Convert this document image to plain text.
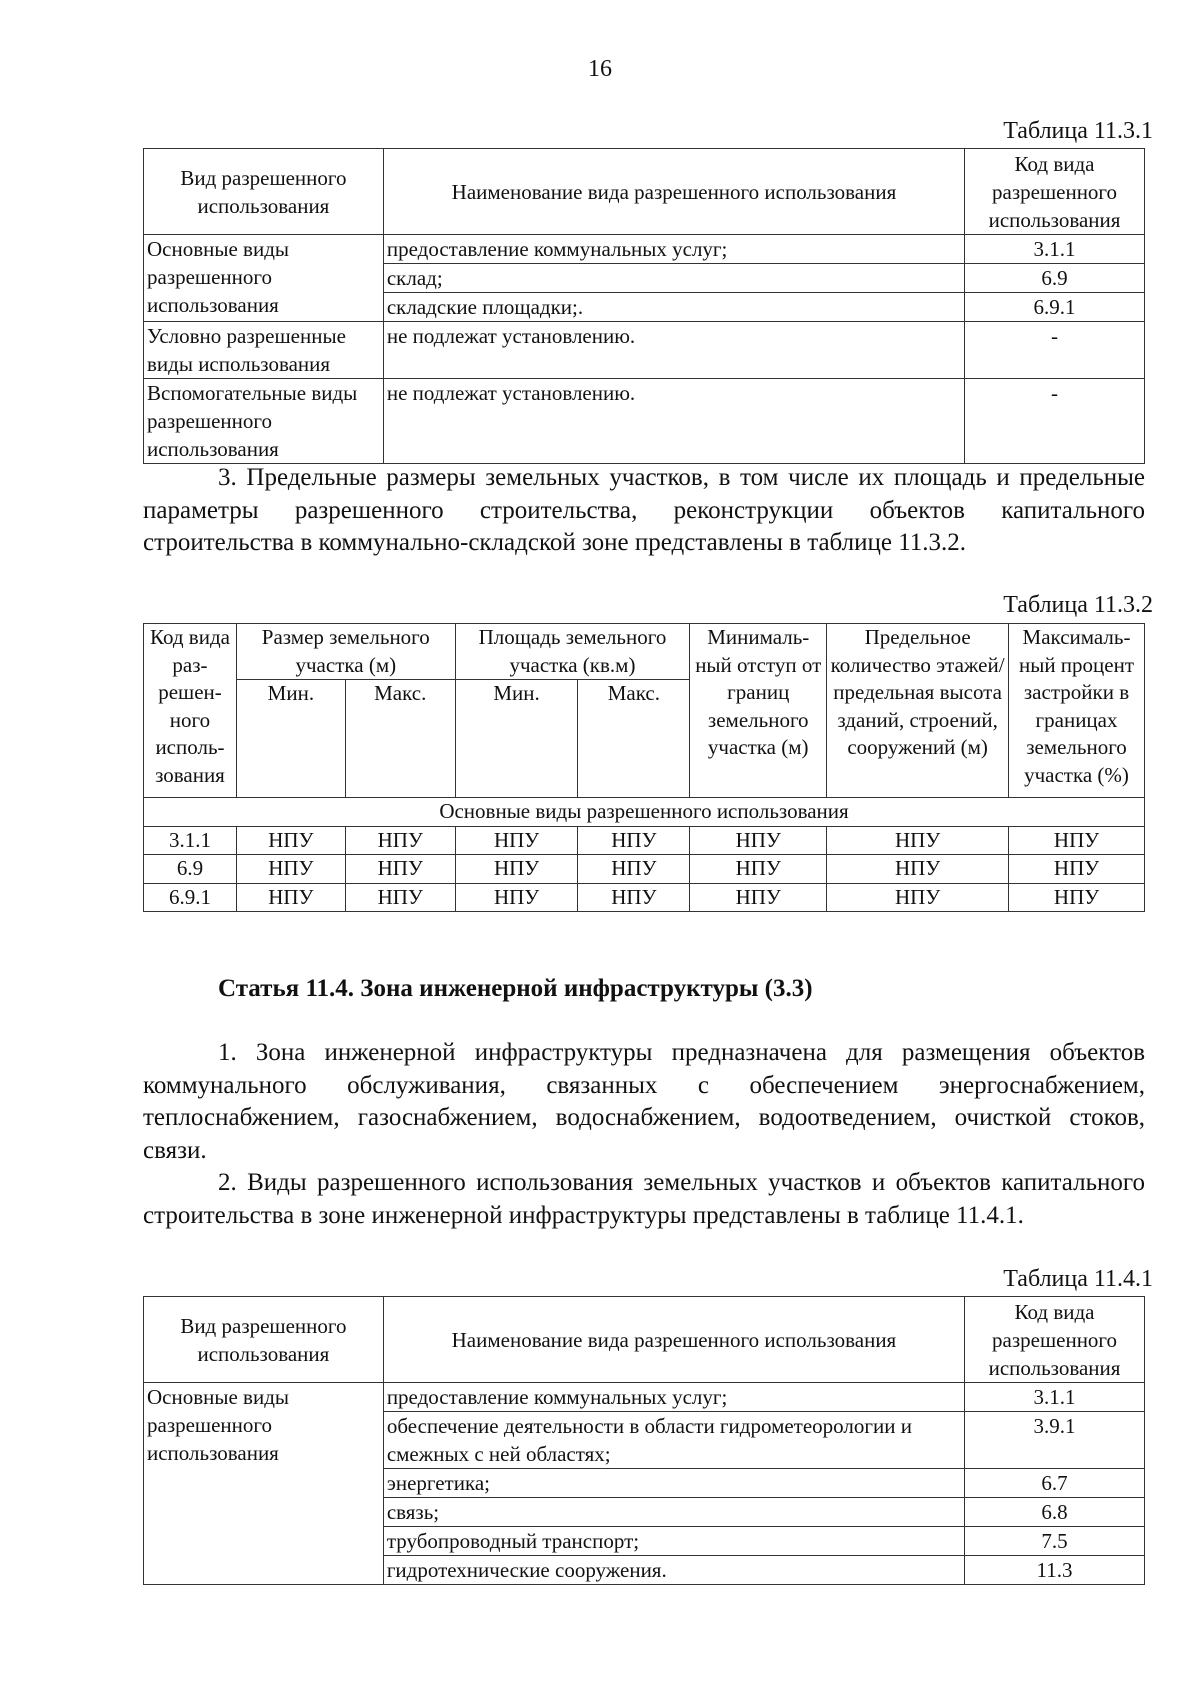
16
Таблица 11.3.1
Вид разрешенного использования	Наименование вида разрешенного использования	Код вида разрешенного использования
Основные виды разрешенного использования	предоставление коммунальных услуг;	3.1.1
	склад;	6.9
	складские площадки;.	6.9.1
Условно разрешенные виды использования	не подлежат установлению.	-
Вспомогательные виды разрешенного использования	не подлежат установлению.	-
3. Предельные размеры земельных участков, в том числе их площадь и предельные параметры разрешенного строительства, реконструкции объектов капитального строительства в коммунально-складской зоне представлены в таблице 11.3.2.
Таблица 11.3.2
Код вида раз-решен-ного исполь-зования	Размер земельного участка (м)		Площадь земельного участка (кв.м)		Минималь-ный отступ от границ земельного участка (м)	Предельное количество этажей/ предельная высота зданий, строений, сооружений (м)	Максималь-ный процент застройки в границах земельного участка (%)
	Мин.	Макс.	Мин.	Макс.			
Основные виды разрешенного использования							
3.1.1	НПУ	НПУ	НПУ	НПУ	НПУ	НПУ	НПУ
6.9	НПУ	НПУ	НПУ	НПУ	НПУ	НПУ	НПУ
6.9.1	НПУ	НПУ	НПУ	НПУ	НПУ	НПУ	НПУ
Статья 11.4. Зона инженерной инфраструктуры (3.3)
1. Зона инженерной инфраструктуры предназначена для размещения объектов коммунального обслуживания, связанных с обеспечением энергоснабжением, теплоснабжением, газоснабжением, водоснабжением, водоотведением, очисткой стоков, связи.
2. Виды разрешенного использования земельных участков и объектов капитального строительства в зоне инженерной инфраструктуры представлены в таблице 11.4.1.
Таблица 11.4.1
Вид разрешенного использования	Наименование вида разрешенного использования	Код вида разрешенного использования
Основные виды разрешенного использования	предоставление коммунальных услуг;	3.1.1
	обеспечение деятельности в области гидрометеорологии и смежных с ней областях;	3.9.1
	энергетика;	6.7
	связь;	6.8
	трубопроводный транспорт;	7.5
	гидротехнические сооружения.	11.3
